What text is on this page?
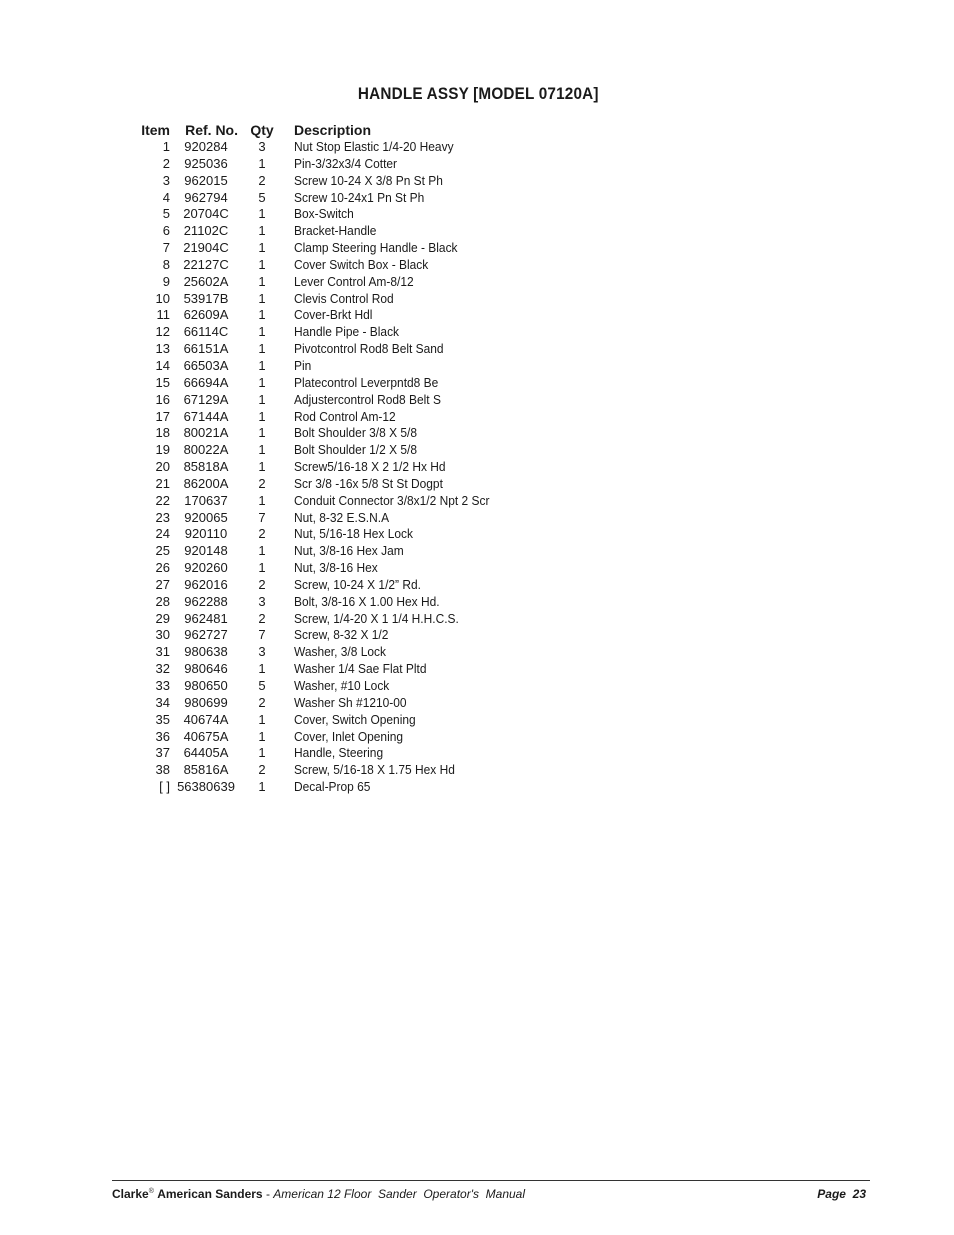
HANDLE ASSY [MODEL 07120A]
Item	Ref. No.	Qty	Description
1	920284	3	Nut Stop Elastic 1/4-20 Heavy
2	925036	1	Pin-3/32x3/4 Cotter
3	962015	2	Screw 10-24 X 3/8 Pn St Ph
4	962794	5	Screw 10-24x1 Pn St Ph
5	20704C	1	Box-Switch
6	21102C	1	Bracket-Handle
7	21904C	1	Clamp Steering Handle - Black
8	22127C	1	Cover Switch Box - Black
9	25602A	1	Lever Control Am-8/12
10	53917B	1	Clevis Control Rod
11	62609A	1	Cover-Brkt Hdl
12	66114C	1	Handle Pipe - Black
13	66151A	1	Pivotcontrol Rod8 Belt Sand
14	66503A	1	Pin
15	66694A	1	Platecontrol Leverpntd8 Be
16	67129A	1	Adjustercontrol Rod8 Belt S
17	67144A	1	Rod Control Am-12
18	80021A	1	Bolt Shoulder 3/8 X 5/8
19	80022A	1	Bolt Shoulder 1/2 X 5/8
20	85818A	1	Screw5/16-18 X 2 1/2 Hx Hd
21	86200A	2	Scr 3/8 -16x 5/8 St St Dogpt
22	170637	1	Conduit Connector 3/8x1/2 Npt 2 Scr
23	920065	7	Nut, 8-32 E.S.N.A
24	920110	2	Nut, 5/16-18 Hex Lock
25	920148	1	Nut, 3/8-16 Hex Jam
26	920260	1	Nut, 3/8-16 Hex
27	962016	2	Screw, 10-24 X 1/2” Rd.
28	962288	3	Bolt, 3/8-16 X 1.00 Hex Hd.
29	962481	2	Screw, 1/4-20 X 1 1/4 H.H.C.S.
30	962727	7	Screw, 8-32 X 1/2
31	980638	3	Washer, 3/8 Lock
32	980646	1	Washer 1/4 Sae Flat Pltd
33	980650	5	Washer, #10 Lock
34	980699	2	Washer Sh #1210-00
35	40674A	1	Cover, Switch Opening
36	40675A	1	Cover, Inlet Opening
37	64405A	1	Handle, Steering
38	85816A	2	Screw, 5/16-18 X 1.75 Hex Hd
[ ]	56380639	1	Decal-Prop 65
Clarke® American Sanders - American 12 Floor  Sander  Operator's  Manual	Page  23
